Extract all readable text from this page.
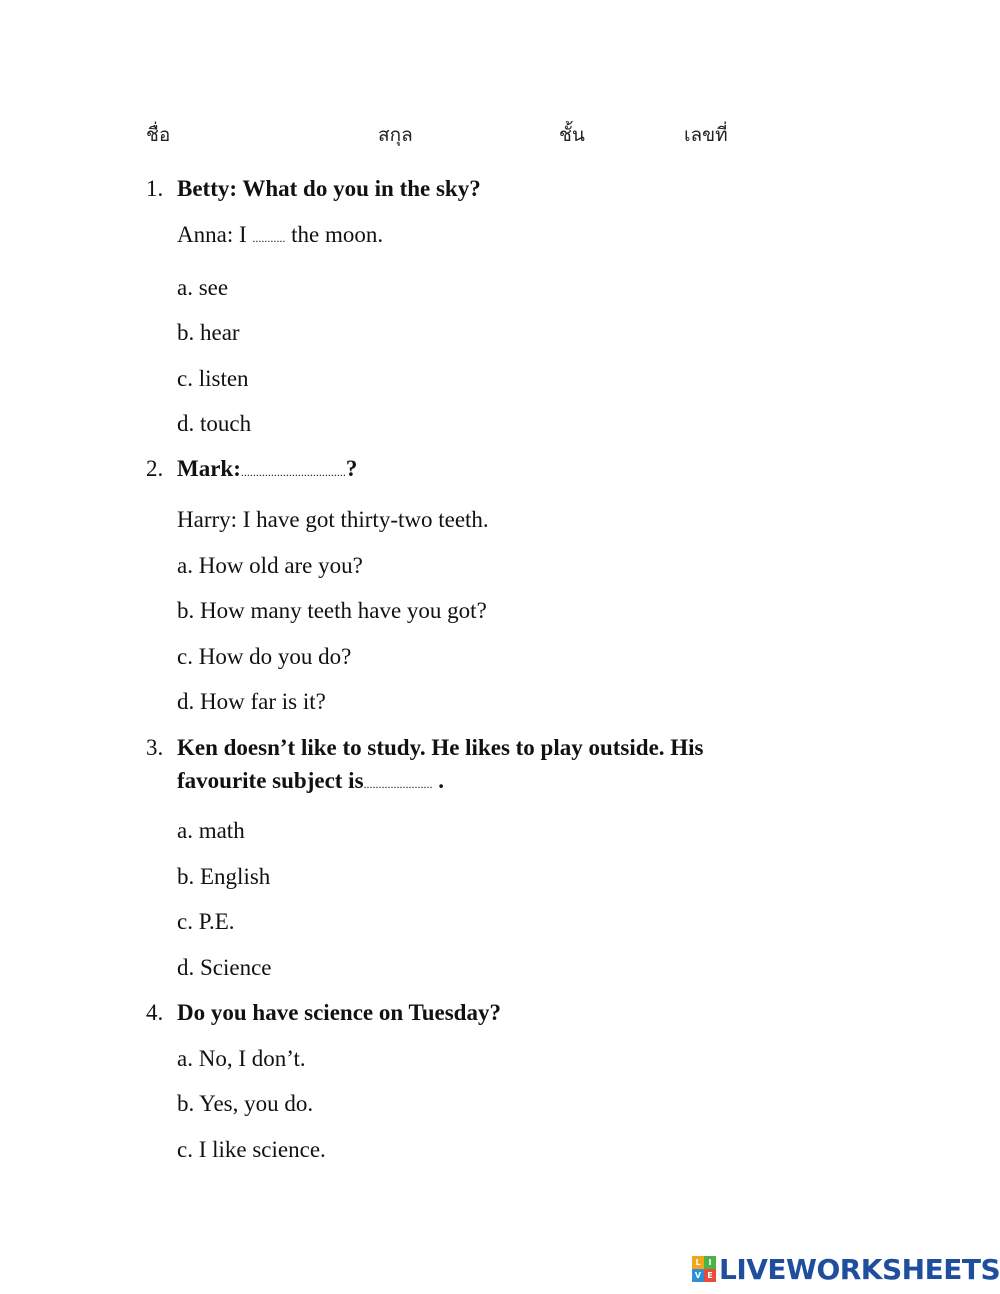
ชื่อ	สกุล	ชั้น	เลขที่
1. Betty: What do you in the sky?
Anna: I ........... the moon.
a. see
b. hear
c. listen
d. touch
2. Mark:...................................?
Harry: I have got thirty-two teeth.
a. How old are you?
b. How many teeth have you got?
c. How do you do?
d. How far is it?
3. Ken doesn’t like to study. He likes to play outside. His
favourite subject is....................... .
a. math
b. English
c. P.E.
d. Science
4. Do you have science on Tuesday?
a. No, I don’t.
b. Yes, you do.
c. I like science.
L I
V E LIVEWORKSHEETS
